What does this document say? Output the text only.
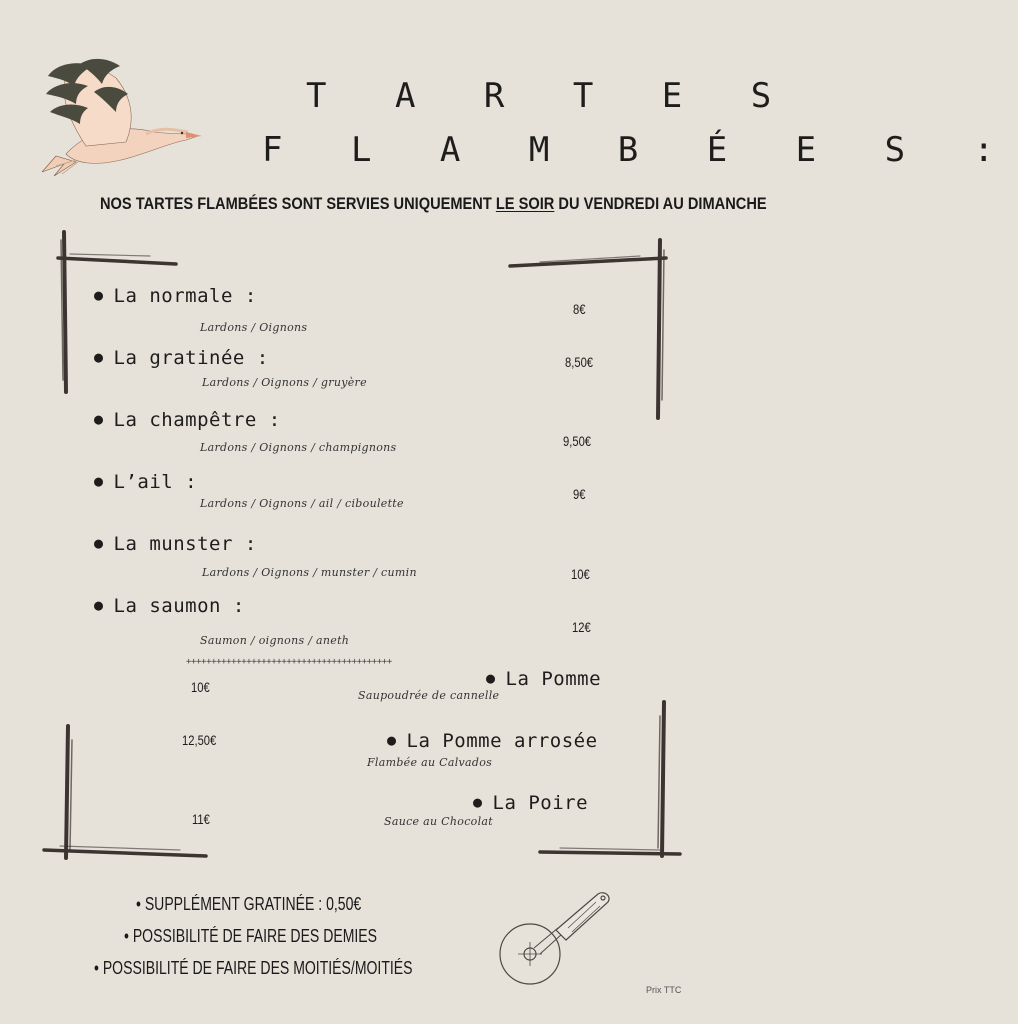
T A R T E S
F L A M B É E S :
NOS TARTES FLAMBÉES SONT SERVIES UNIQUEMENT LE SOIR DU VENDREDI AU DIMANCHE
● La normale :
Lardons / Oignons
8€
● La gratinée :
Lardons / Oignons / gruyère
8,50€
● La champêtre :
Lardons / Oignons / champignons	9,50€
● L’ail :
Lardons / Oignons / ail / ciboulette
9€
● La munster :
Lardons / Oignons / munster / cumin	10€
● La saumon :
Saumon / oignons / aneth
12€
+++++++++++++++++++++++++++++++++++++++++
● La Pomme
Saupoudrée de cannelle
10€
● La Pomme arrosée
Flambée au Calvados
12,50€
● La Poire
Sauce au Chocolat
11€
• SUPPLÉMENT GRATINÉE : 0,50€
• POSSIBILITÉ DE FAIRE DES DEMIES
• POSSIBILITÉ DE FAIRE DES MOITIÉS/MOITIÉS
Prix TTC
